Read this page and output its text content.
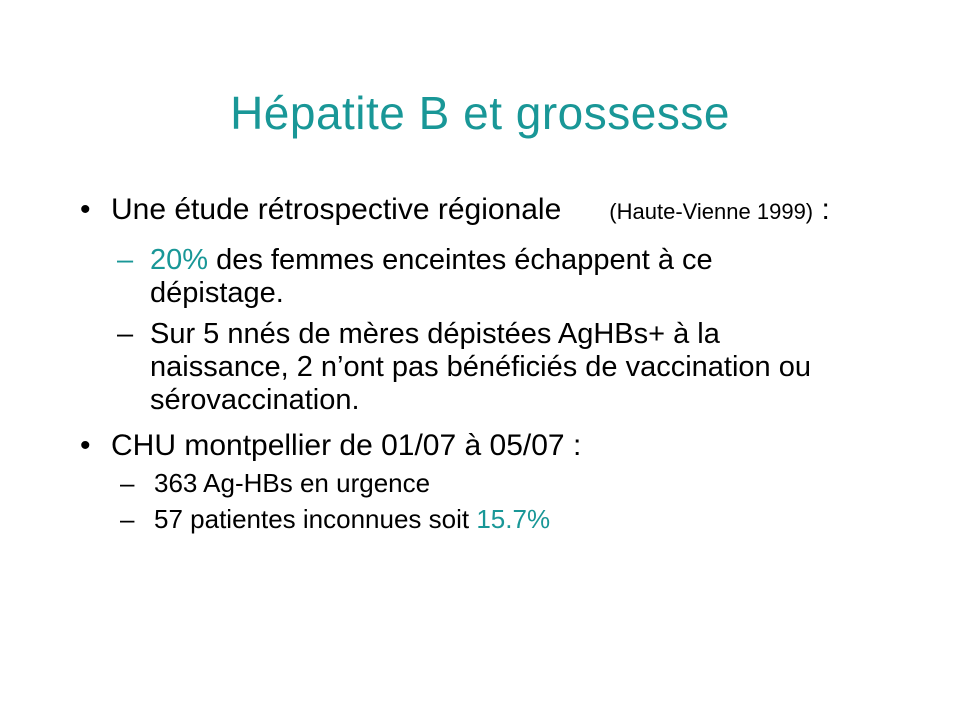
Hépatite B et grossesse
• Une étude rétrospective régionale (Haute-Vienne 1999) :
– 20% des femmes enceintes échappent à ce dépistage.
– Sur 5 nnés de mères dépistées AgHBs+ à la naissance, 2 n’ont pas bénéficiés de vaccination ou sérovaccination.
• CHU montpellier de 01/07 à 05/07 :
– 363 Ag-HBs en urgence
– 57 patientes inconnues soit 15.7%
